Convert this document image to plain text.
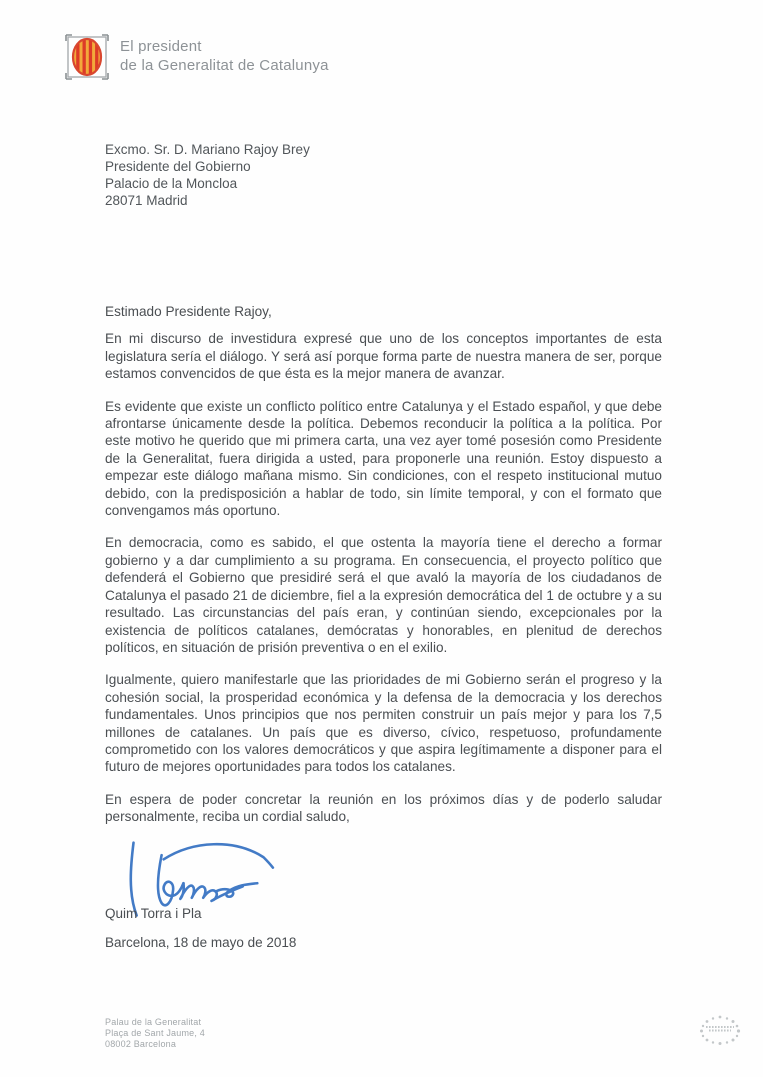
El president
de la Generalitat de Catalunya
Excmo. Sr. D. Mariano Rajoy Brey
Presidente del Gobierno
Palacio de la Moncloa
28071 Madrid

Estimado Presidente Rajoy,

En mi discurso de investidura expresé que uno de los conceptos importantes de esta legislatura sería el diálogo. Y será así porque forma parte de nuestra manera de ser, porque estamos convencidos de que ésta es la mejor manera de avanzar.

Es evidente que existe un conflicto político entre Catalunya y el Estado español, y que debe afrontarse únicamente desde la política. Debemos reconducir la política a la política. Por este motivo he querido que mi primera carta, una vez ayer tomé posesión como Presidente de la Generalitat, fuera dirigida a usted, para proponerle una reunión. Estoy dispuesto a empezar este diálogo mañana mismo. Sin condiciones, con el respeto institucional mutuo debido, con la predisposición a hablar de todo, sin límite temporal, y con el formato que convengamos más oportuno.

En democracia, como es sabido, el que ostenta la mayoría tiene el derecho a formar gobierno y a dar cumplimiento a su programa. En consecuencia, el proyecto político que defenderá el Gobierno que presidiré será el que avaló la mayoría de los ciudadanos de Catalunya el pasado 21 de diciembre, fiel a la expresión democrática del 1 de octubre y a su resultado. Las circunstancias del país eran, y continúan siendo, excepcionales por la existencia de políticos catalanes, demócratas y honorables, en plenitud de derechos políticos, en situación de prisión preventiva o en el exilio.

Igualmente, quiero manifestarle que las prioridades de mi Gobierno serán el progreso y la cohesión social, la prosperidad económica y la defensa de la democracia y los derechos fundamentales. Unos principios que nos permiten construir un país mejor y para los 7,5 millones de catalanes. Un país que es diverso, cívico, respetuoso, profundamente comprometido con los valores democráticos y que aspira legítimamente a disponer para el futuro de mejores oportunidades para todos los catalanes.

En espera de poder concretar la reunión en los próximos días y de poderlo saludar personalmente, reciba un cordial saludo,

Quim Torra i Pla
Barcelona, 18 de mayo de 2018
Palau de la Generalitat
Plaça de Sant Jaume, 4
08002 Barcelona
